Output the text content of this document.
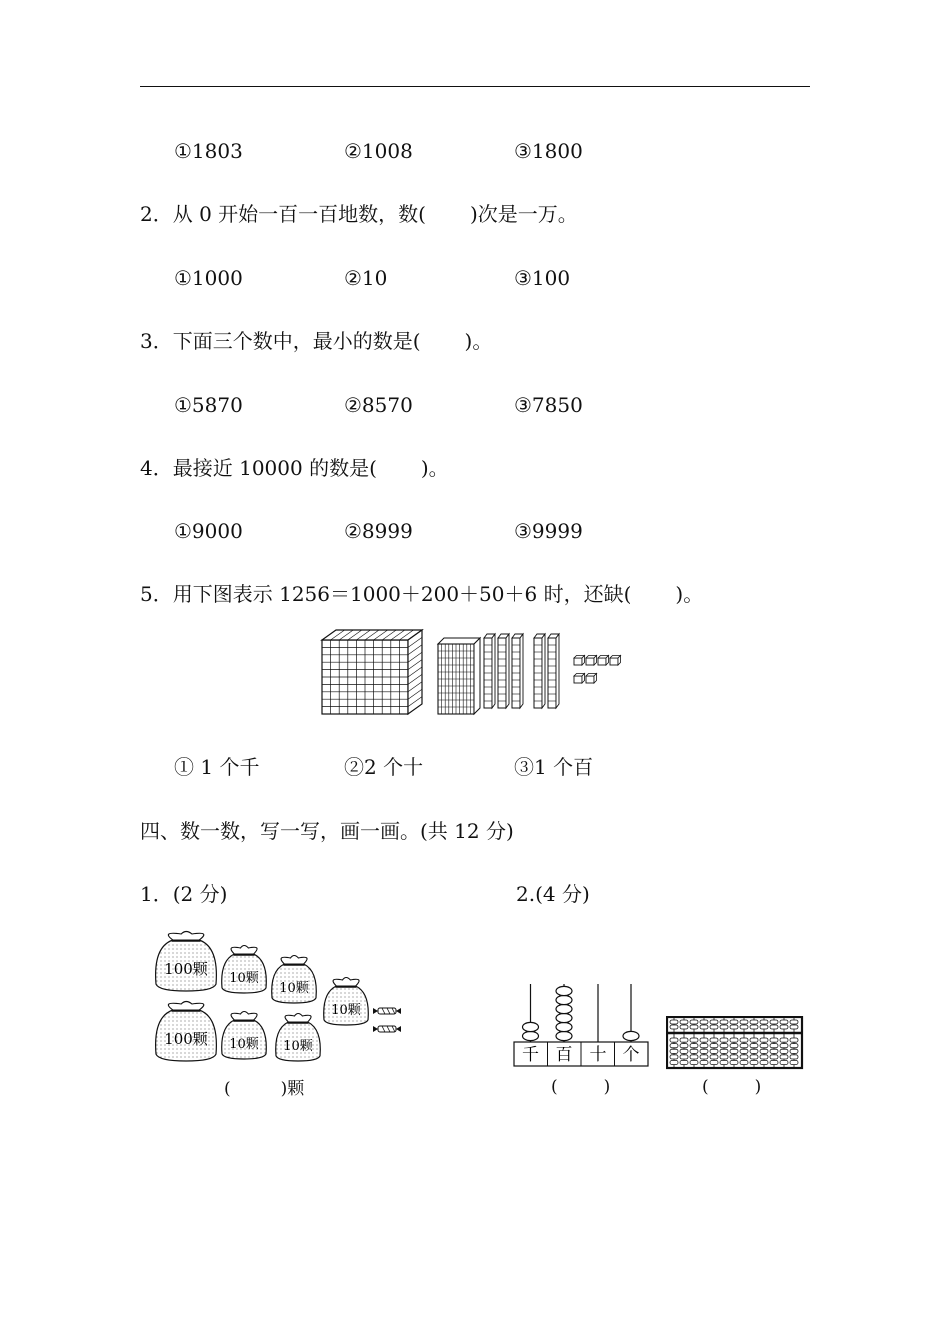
①1803	②1008	③1800
2．从 0 开始一百一百地数，数( )次是一万。
①1000	②10	③100
3．下面三个数中，最小的数是( )。
①5870	②8570	③7850
4．最接近 10000 的数是( )。
①9000	②8999	③9999
5．用下图表示 1256＝1000＋200＋50＋6 时，还缺( )。
① 1 个千	②2 个十	③1 个百
四、数一数，写一写，画一画。(共 12 分)
1．(2 分)	2.(4 分)
100颗
10颗
10颗
10颗
100颗 10颗 10颗
(	)颗
千 百 十 个
(	)	(	)
